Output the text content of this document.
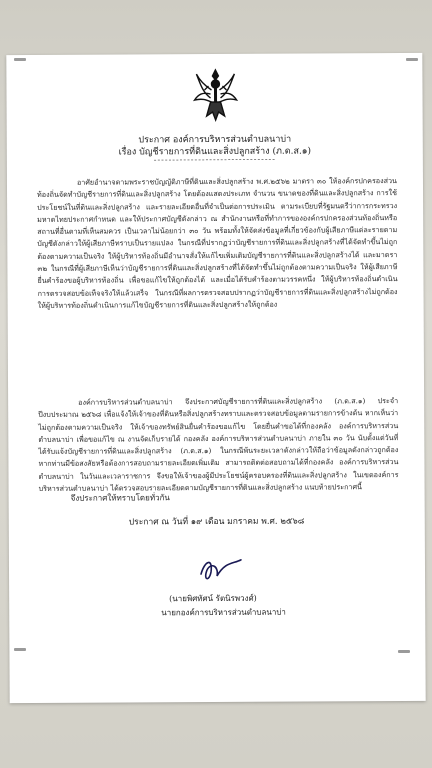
ประกาศ องค์การบริหารส่วนตำบลนาบ่า
เรื่อง บัญชีรายการที่ดินและสิ่งปลูกสร้าง (ภ.ด.ส.๑)
---------------------------------
อาศัยอำนาจตามพระราชบัญญัติภาษีที่ดินและสิ่งปลูกสร้าง พ.ศ.๒๕๖๒ มาตรา ๓๐ ให้องค์กรปกครองส่วนท้องถิ่นจัดทำบัญชีรายการที่ดินและสิ่งปลูกสร้าง โดยต้องแสดงประเภท จำนวน ขนาดของที่ดินและสิ่งปลูกสร้าง การใช้ประโยชน์ในที่ดินและสิ่งปลูกสร้าง และรายละเอียดอื่นที่จำเป็นต่อการประเมิน ตามระเบียบที่รัฐมนตรีว่าการกระทรวงมหาดไทยประกาศกำหนด และให้ประกาศบัญชีดังกล่าว ณ สำนักงานหรือที่ทำการขององค์กรปกครองส่วนท้องถิ่นหรือสถานที่อื่นตามที่เห็นสมควร เป็นเวลาไม่น้อยกว่า ๓๐ วัน พร้อมทั้งให้จัดส่งข้อมูลที่เกี่ยวข้องกับผู้เสียภาษีแต่ละรายตามบัญชีดังกล่าวให้ผู้เสียภาษีทราบเป็นรายแปลง ในกรณีที่ปรากฏว่าบัญชีรายการที่ดินและสิ่งปลูกสร้างที่ได้จัดทำขึ้นไม่ถูกต้องตามความเป็นจริง ให้ผู้บริหารท้องถิ่นมีอำนาจสั่งให้แก้ไขเพิ่มเติมบัญชีรายการที่ดินและสิ่งปลูกสร้างได้ และมาตรา ๓๒ ในกรณีที่ผู้เสียภาษีเห็นว่าบัญชีรายการที่ดินและสิ่งปลูกสร้างที่ได้จัดทำขึ้นไม่ถูกต้องตามความเป็นจริง ให้ผู้เสียภาษียื่นคำร้องขอผู้บริหารท้องถิ่น เพื่อขอแก้ไขให้ถูกต้องได้ และเมื่อได้รับคำร้องตามวรรคหนึ่ง ให้ผู้บริหารท้องถิ่นดำเนินการตรวจสอบข้อเท็จจริงให้แล้วเสร็จ ในกรณีที่ผลการตรวจสอบปรากฏว่าบัญชีรายการที่ดินและสิ่งปลูกสร้างไม่ถูกต้อง ให้ผู้บริหารท้องถิ่นดำเนินการแก้ไขบัญชีรายการที่ดินและสิ่งปลูกสร้างให้ถูกต้อง
องค์การบริหารส่วนตำบลนาบ่า จึงประกาศบัญชีรายการที่ดินและสิ่งปลูกสร้าง (ภ.ด.ส.๑) ประจำปีงบประมาณ ๒๕๖๘ เพื่อแจ้งให้เจ้าของที่ดินหรือสิ่งปลูกสร้างทราบและตรวจสอบข้อมูลตามรายการข้างต้น หากเห็นว่าไม่ถูกต้องตามความเป็นจริง ให้เจ้าของทรัพย์สินยื่นคำร้องขอแก้ไข โดยยื่นคำขอได้ที่กองคลัง องค์การบริหารส่วนตำบลนาบ่า เพื่อขอแก้ไข ณ งานจัดเก็บรายได้ กองคลัง องค์การบริหารส่วนตำบลนาบ่า ภายใน ๓๐ วัน นับตั้งแต่วันที่ได้รับแจ้งบัญชีรายการที่ดินและสิ่งปลูกสร้าง (ภ.ด.ส.๑) ในกรณีพ้นระยะเวลาดังกล่าวให้ถือว่าข้อมูลดังกล่าวถูกต้อง หากท่านมีข้อสงสัยหรือต้องการสอบถามรายละเอียดเพิ่มเติม สามารถติดต่อสอบถามได้ที่กองคลัง องค์การบริหารส่วนตำบลนาบ่า ในวันและเวลาราชการ จึงขอให้เจ้าของผู้มีประโยชน์ผู้ครอบครองที่ดินและสิ่งปลูกสร้าง ในเขตองค์การบริหารส่วนตำบลนาบ่า ได้ตรวจสอบรายละเอียดตามบัญชีรายการที่ดินและสิ่งปลูกสร้าง แนบท้ายประกาศนี้
จึงประกาศให้ทราบโดยทั่วกัน
ประกาศ ณ วันที่ ๑๙ เดือน มกราคม พ.ศ. ๒๕๖๘
(นายพิศทัศน์ รัตนิรพวงศ์)
นายกองค์การบริหารส่วนตำบลนาบ่า
